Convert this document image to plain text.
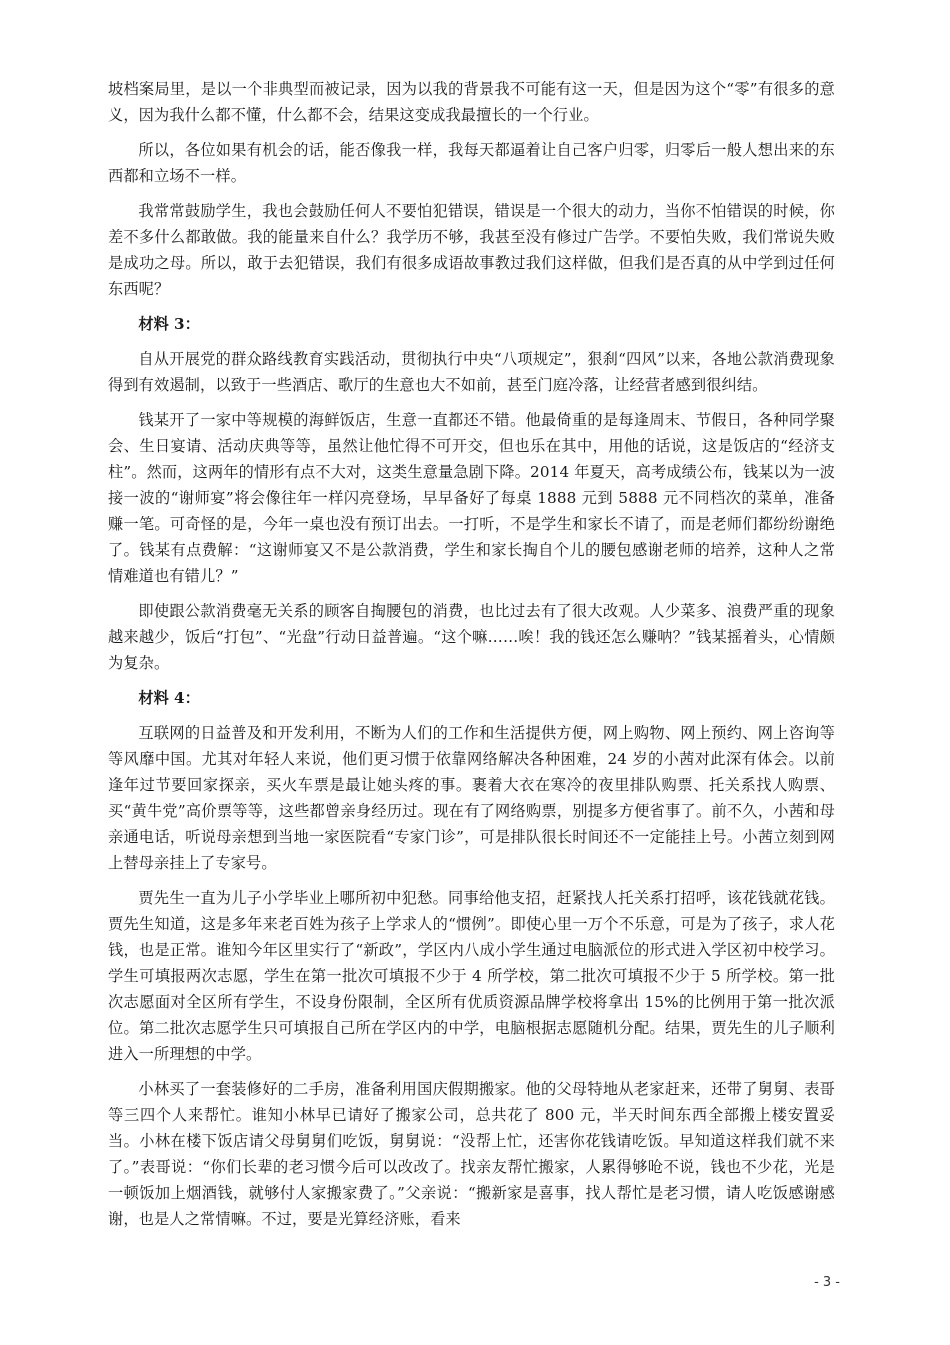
坡档案局里，是以一个非典型而被记录，因为以我的背景我不可能有这一天，但是因为这个“零”有很多的意义，因为我什么都不懂，什么都不会，结果这变成我最擅长的一个行业。

所以，各位如果有机会的话，能否像我一样，我每天都逼着让自己客户归零，归零后一般人想出来的东西都和立场不一样。

我常常鼓励学生，我也会鼓励任何人不要怕犯错误，错误是一个很大的动力，当你不怕错误的时候，你差不多什么都敢做。我的能量来自什么？我学历不够，我甚至没有修过广告学。不要怕失败，我们常说失败是成功之母。所以，敢于去犯错误，我们有很多成语故事教过我们这样做，但我们是否真的从中学到过任何东西呢？

材料 3：

自从开展党的群众路线教育实践活动，贯彻执行中央“八项规定”，狠刹“四风”以来，各地公款消费现象得到有效遏制，以致于一些酒店、歌厅的生意也大不如前，甚至门庭冷落，让经营者感到很纠结。

钱某开了一家中等规模的海鲜饭店，生意一直都还不错。他最倚重的是每逢周末、节假日，各种同学聚会、生日宴请、活动庆典等等，虽然让他忙得不可开交，但也乐在其中，用他的话说，这是饭店的“经济支柱”。然而，这两年的情形有点不大对，这类生意量急剧下降。2014 年夏天，高考成绩公布，钱某以为一波接一波的“谢师宴”将会像往年一样闪亮登场，早早备好了每桌 1888 元到 5888 元不同档次的菜单，准备赚一笔。可奇怪的是，今年一桌也没有预订出去。一打听，不是学生和家长不请了，而是老师们都纷纷谢绝了。钱某有点费解：“这谢师宴又不是公款消费，学生和家长掏自个儿的腰包感谢老师的培养，这种人之常情难道也有错儿？”

即使跟公款消费毫无关系的顾客自掏腰包的消费，也比过去有了很大改观。人少菜多、浪费严重的现象越来越少，饭后“打包”、“光盘”行动日益普遍。“这个嘛……唉！我的钱还怎么赚呐？”钱某摇着头，心情颇为复杂。

材料 4：

互联网的日益普及和开发利用，不断为人们的工作和生活提供方便，网上购物、网上预约、网上咨询等等风靡中国。尤其对年轻人来说，他们更习惯于依靠网络解决各种困难，24 岁的小茜对此深有体会。以前逢年过节要回家探亲，买火车票是最让她头疼的事。裹着大衣在寒冷的夜里排队购票、托关系找人购票、买“黄牛党”高价票等等，这些都曾亲身经历过。现在有了网络购票，别提多方便省事了。前不久，小茜和母亲通电话，听说母亲想到当地一家医院看“专家门诊”，可是排队很长时间还不一定能挂上号。小茜立刻到网上替母亲挂上了专家号。

贾先生一直为儿子小学毕业上哪所初中犯愁。同事给他支招，赶紧找人托关系打招呼，该花钱就花钱。贾先生知道，这是多年来老百姓为孩子上学求人的“惯例”。即使心里一万个不乐意，可是为了孩子，求人花钱，也是正常。谁知今年区里实行了“新政”，学区内八成小学生通过电脑派位的形式进入学区初中校学习。学生可填报两次志愿，学生在第一批次可填报不少于 4 所学校，第二批次可填报不少于 5 所学校。第一批次志愿面对全区所有学生，不设身份限制，全区所有优质资源品牌学校将拿出 15%的比例用于第一批次派位。第二批次志愿学生只可填报自己所在学区内的中学，电脑根据志愿随机分配。结果，贾先生的儿子顺利进入一所理想的中学。

小林买了一套装修好的二手房，准备利用国庆假期搬家。他的父母特地从老家赶来，还带了舅舅、表哥等三四个人来帮忙。谁知小林早已请好了搬家公司，总共花了 800 元，半天时间东西全部搬上楼安置妥当。小林在楼下饭店请父母舅舅们吃饭，舅舅说：“没帮上忙，还害你花钱请吃饭。早知道这样我们就不来了。”表哥说：“你们长辈的老习惯今后可以改改了。找亲友帮忙搬家，人累得够呛不说，钱也不少花，光是一顿饭加上烟酒钱，就够付人家搬家费了。”父亲说：“搬新家是喜事，找人帮忙是老习惯，请人吃饭感谢感谢，也是人之常情嘛。不过，要是光算经济账，看来

- 3 -
